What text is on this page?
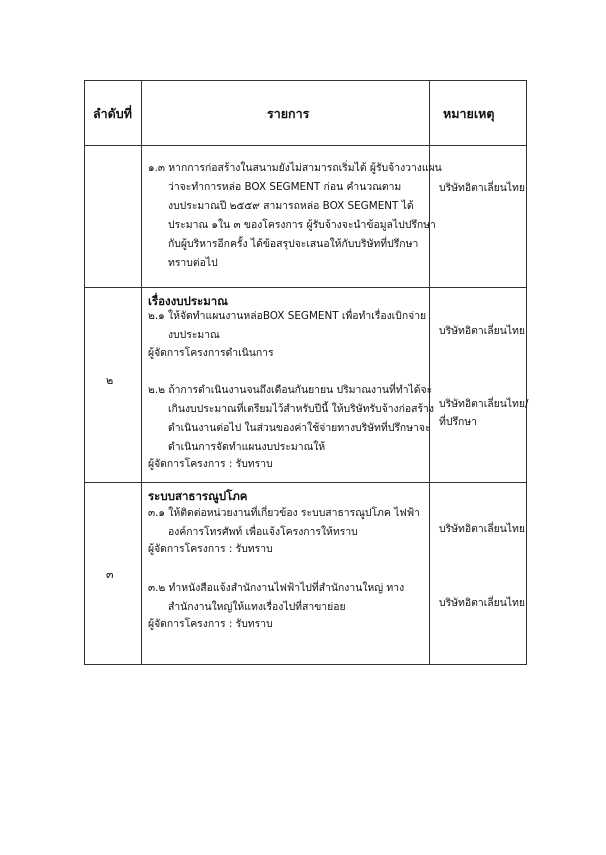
ลำดับที่	รายการ	หมายเหตุ
๑.๓ หากการก่อสร้างในสนามยังไม่สามารถเริ่มได้ ผู้รับจ้างวางแผน
ว่าจะทำการหล่อ BOX SEGMENT ก่อน คำนวณตาม
งบประมาณปี ๒๕๕๙ สามารถหล่อ BOX SEGMENT ได้
ประมาณ ๑ใน ๓ ของโครงการ ผู้รับจ้างจะนำข้อมูลไปปรึกษา
กับผู้บริหารอีกครั้ง ได้ข้อสรุปจะเสนอให้กับบริษัทที่ปรึกษา
ทราบต่อไป
บริษัทอิตาเลี่ยนไทย
๒
เรื่องงบประมาณ
๒.๑ ให้จัดทำแผนงานหล่อBOX SEGMENT เพื่อทำเรื่องเบิกจ่าย
งบประมาณ
ผู้จัดการโครงการดำเนินการ
๒.๒ ถ้าการดำเนินงานจนถึงเดือนกันยายน ปริมาณงานที่ทำได้จะ
เกินงบประมาณที่เตรียมไว้สำหรับปีนี้ ให้บริษัทรับจ้างก่อสร้าง
ดำเนินงานต่อไป ในส่วนของค่าใช้จ่ายทางบริษัทที่ปรึกษาจะ
ดำเนินการจัดทำแผนงบประมาณให้
ผู้จัดการโครงการ : รับทราบ
บริษัทอิตาเลี่ยนไทย
บริษัทอิตาเลี่ยนไทย/
ที่ปรึกษา
๓
ระบบสาธารณูปโภค
๓.๑ ให้ติดต่อหน่วยงานที่เกี่ยวข้อง ระบบสาธารณูปโภค ไฟฟ้า
องค์การโทรศัพท์ เพื่อแจ้งโครงการให้ทราบ
ผู้จัดการโครงการ : รับทราบ
๓.๒ ทำหนังสือแจ้งสำนักงานไฟฟ้าไปที่สำนักงานใหญ่ ทาง
สำนักงานใหญ่ให้แทงเรื่องไปที่สาขาย่อย
ผู้จัดการโครงการ : รับทราบ
บริษัทอิตาเลี่ยนไทย
บริษัทอิตาเลี่ยนไทย
